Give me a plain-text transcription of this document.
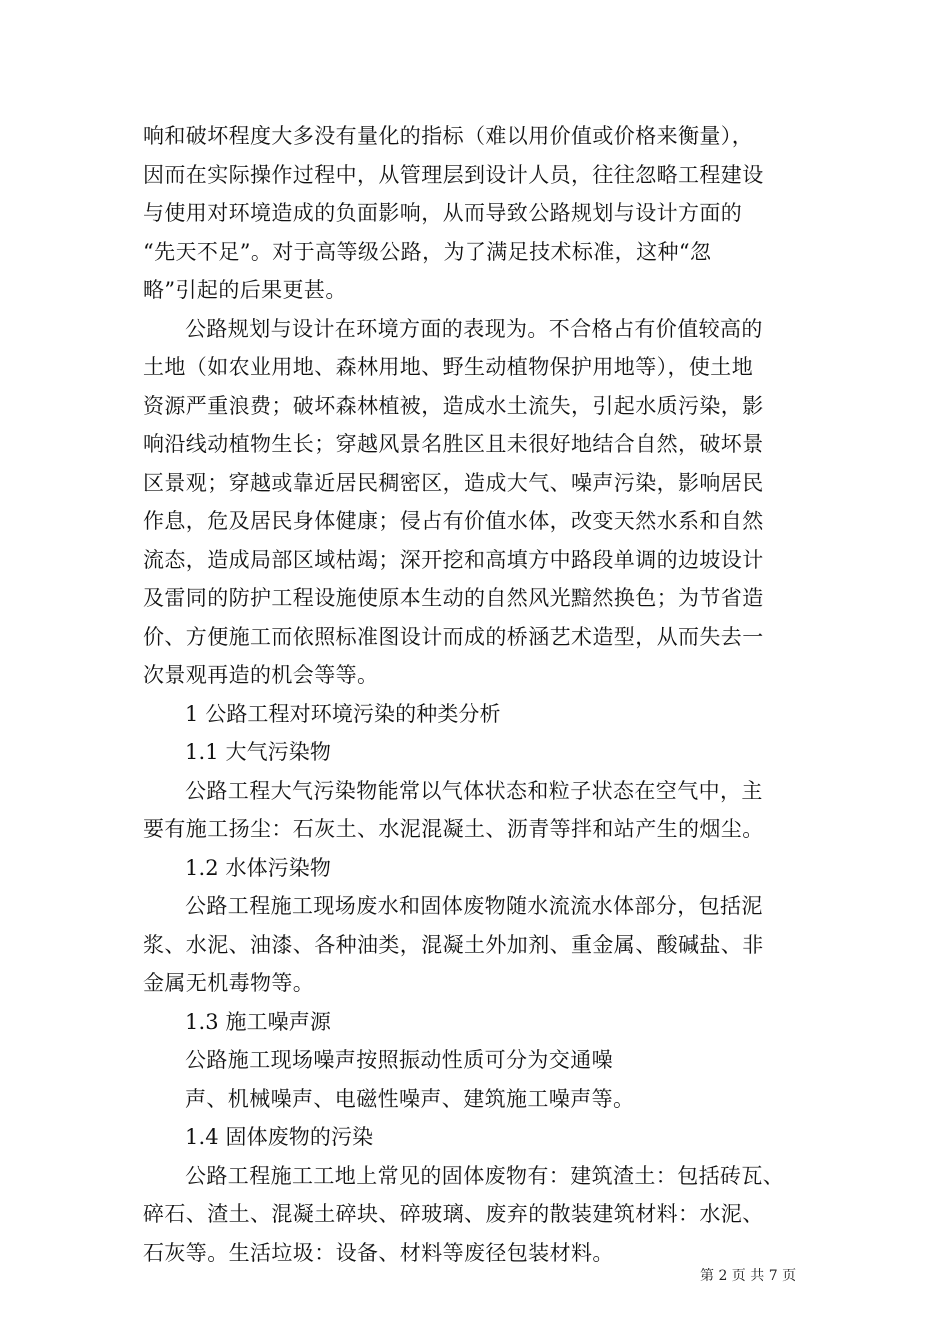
响和破坏程度大多没有量化的指标（难以用价值或价格来衡量），
因而在实际操作过程中，从管理层到设计人员，往往忽略工程建设
与使用对环境造成的负面影响，从而导致公路规划与设计方面的
“先天不足”。对于高等级公路，为了满足技术标准，这种“忽
略”引起的后果更甚。
公路规划与设计在环境方面的表现为。不合格占有价值较高的
土地（如农业用地、森林用地、野生动植物保护用地等），使土地
资源严重浪费；破坏森林植被，造成水土流失，引起水质污染，影
响沿线动植物生长；穿越风景名胜区且未很好地结合自然，破坏景
区景观；穿越或靠近居民稠密区，造成大气、噪声污染，影响居民
作息，危及居民身体健康；侵占有价值水体，改变天然水系和自然
流态，造成局部区域枯竭；深开挖和高填方中路段单调的边坡设计
及雷同的防护工程设施使原本生动的自然风光黯然换色；为节省造
价、方便施工而依照标准图设计而成的桥涵艺术造型，从而失去一
次景观再造的机会等等。
1 公路工程对环境污染的种类分析
1.1 大气污染物
公路工程大气污染物能常以气体状态和粒子状态在空气中，主
要有施工扬尘：石灰土、水泥混凝土、沥青等拌和站产生的烟尘。
1.2 水体污染物
公路工程施工现场废水和固体废物随水流流水体部分，包括泥
浆、水泥、油漆、各种油类，混凝土外加剂、重金属、酸碱盐、非
金属无机毒物等。
1.3 施工噪声源
公路施工现场噪声按照振动性质可分为交通噪
声、机械噪声、电磁性噪声、建筑施工噪声等。
1.4 固体废物的污染
公路工程施工工地上常见的固体废物有：建筑渣土：包括砖瓦、
碎石、渣土、混凝土碎块、碎玻璃、废弃的散装建筑材料：水泥、
石灰等。生活垃圾：设备、材料等废径包装材料。
第 2 页 共 7 页
